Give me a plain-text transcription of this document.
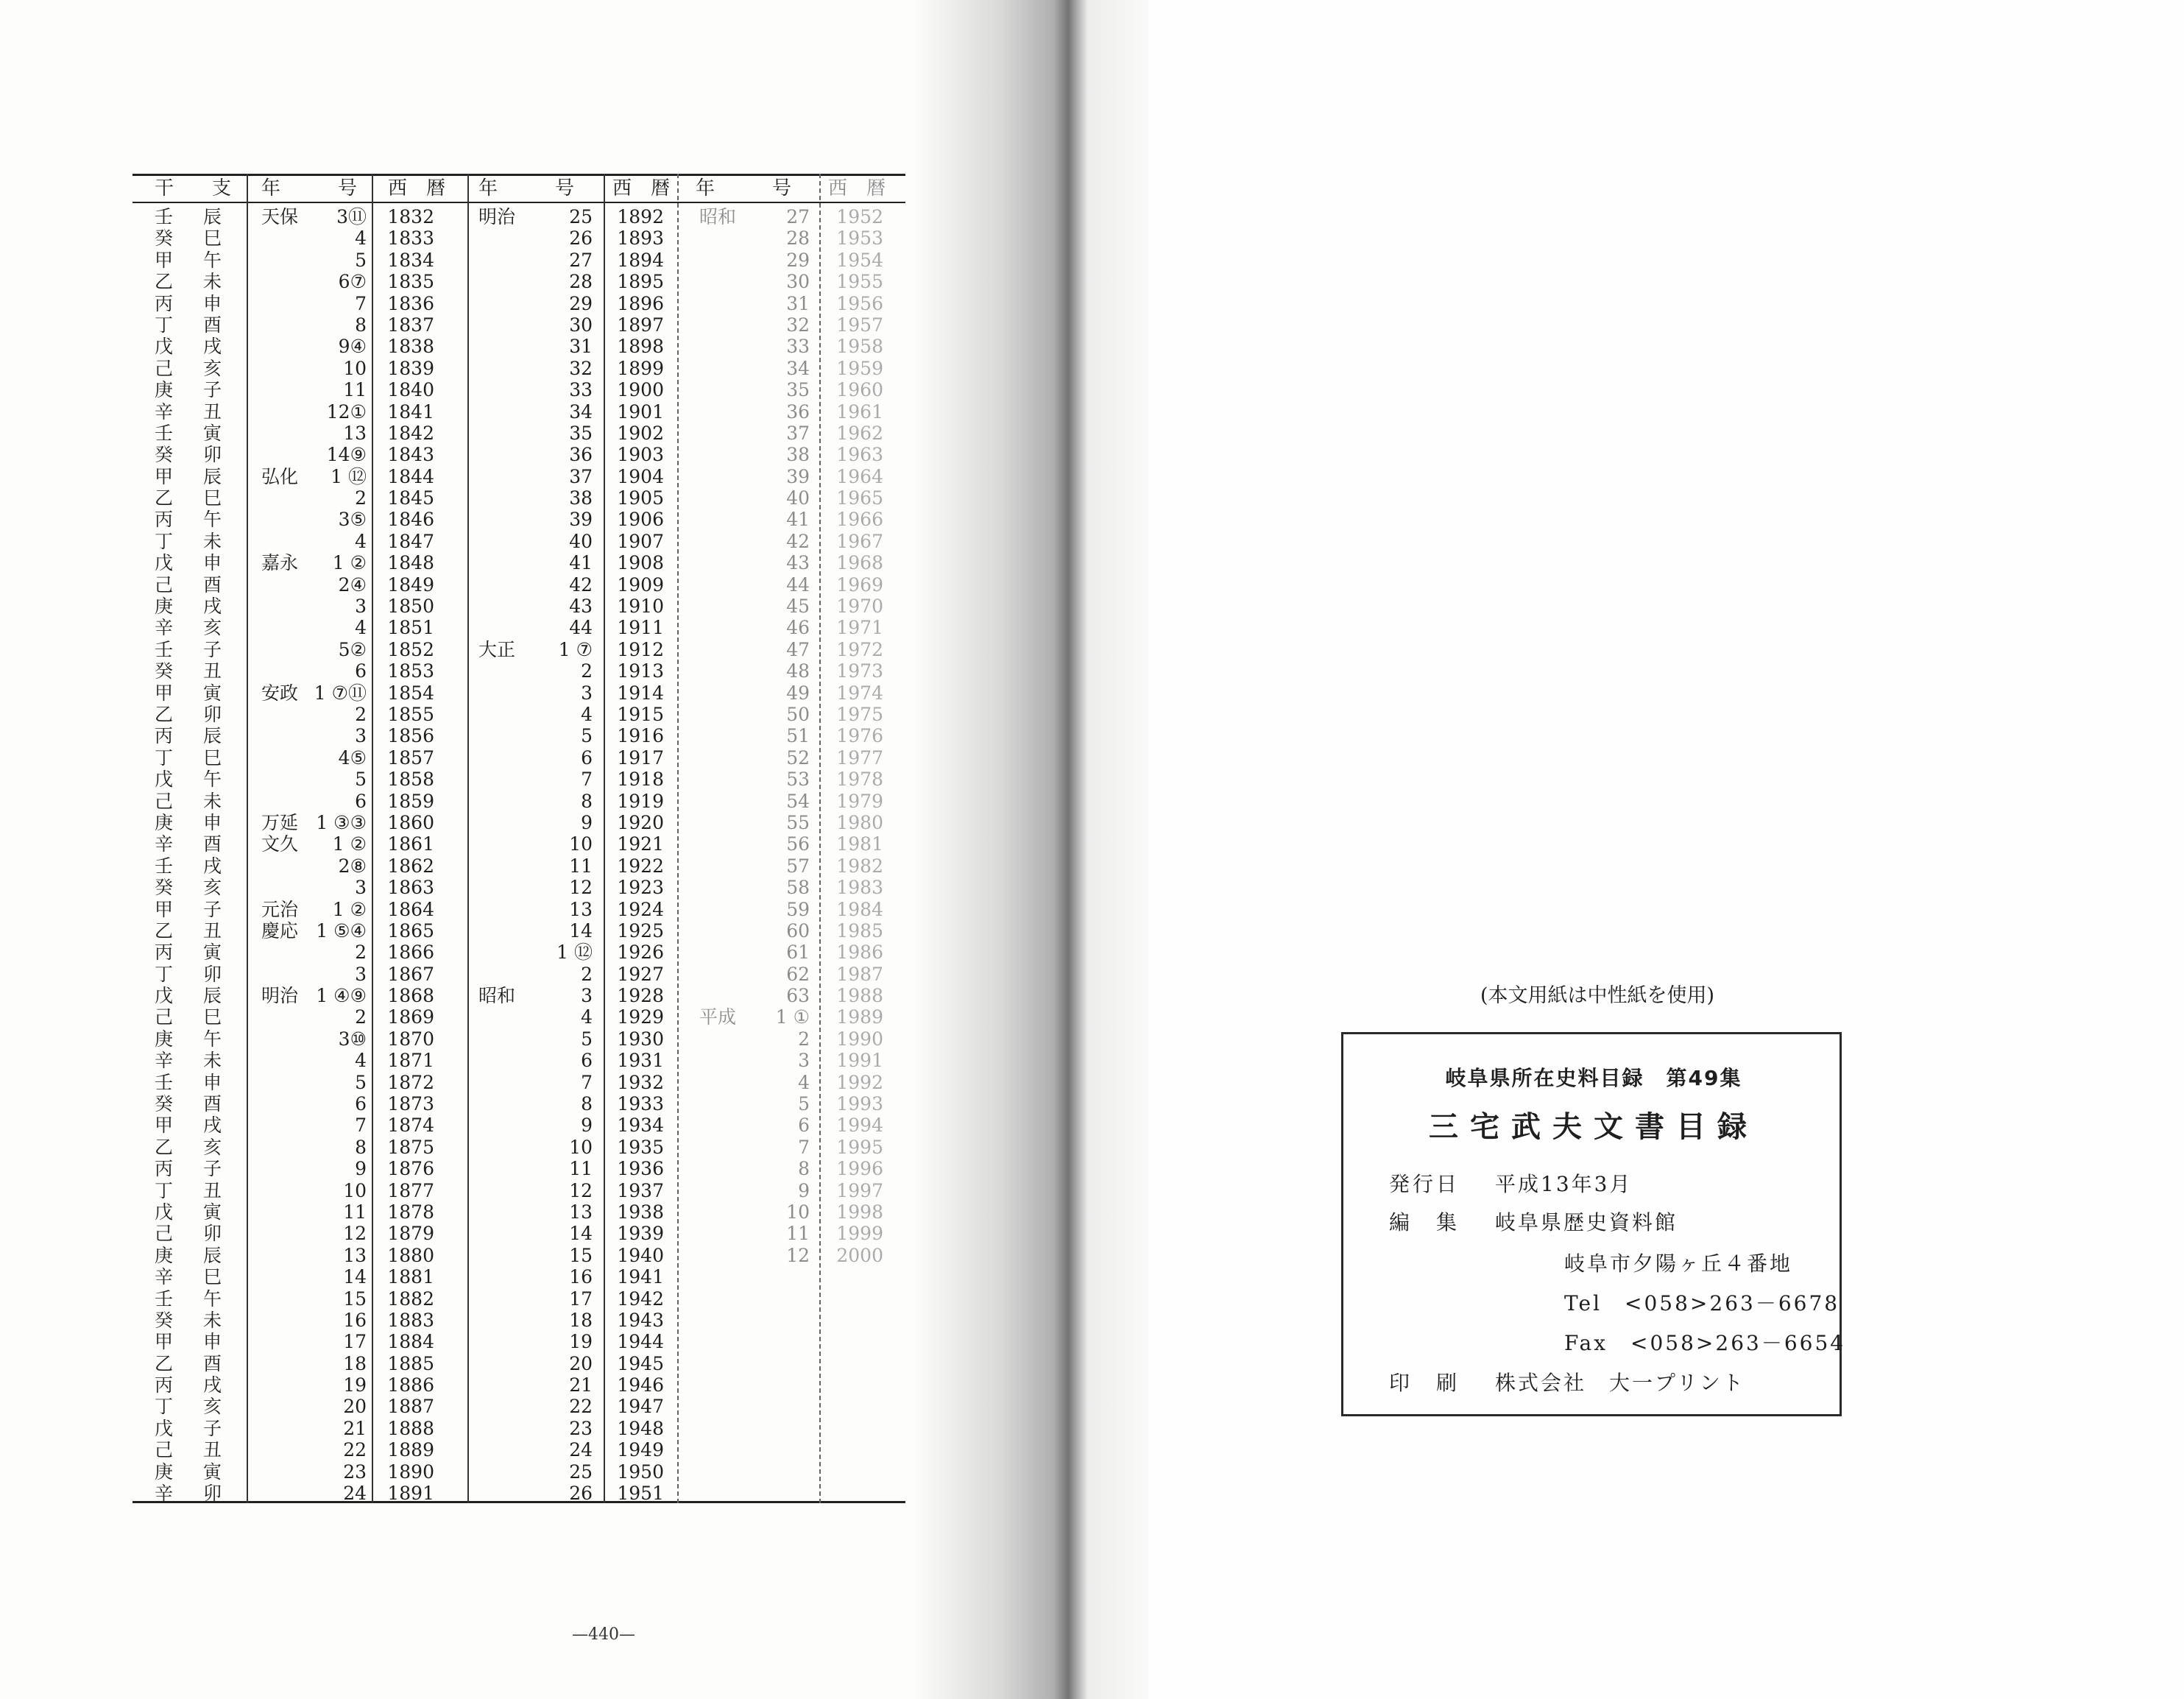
干　　支 年　　　号 西　暦 年　　　号 西　暦 年　　　号 西　暦
壬
癸
甲
乙
丙
丁
戊
己
庚
辛
壬
癸
甲
乙
丙
丁
戊
己
庚
辛
壬
癸
甲
乙
丙
丁
戊
己
庚
辛
壬
癸
甲
乙
丙
丁
戊
己
庚
辛
壬
癸
甲
乙
丙
丁
戊
己
庚
辛
壬
癸
甲
乙
丙
丁
戊
己
庚
辛
辰
巳
午
未
申
酉
戌
亥
子
丑
寅
卯
辰
巳
午
未
申
酉
戌
亥
子
丑
寅
卯
辰
巳
午
未
申
酉
戌
亥
子
丑
寅
卯
辰
巳
午
未
申
酉
戌
亥
子
丑
寅
卯
辰
巳
午
未
申
酉
戌
亥
子
丑
寅
卯
天保
弘化
嘉永
安政
万延
文久
元治
慶応
明治
3⑪
4
5
6⑦
7
8
9④
10
11
12①
13
14⑨
1 ⑫
2
3⑤
4
1 ②
2④
3
4
5②
6
1 ⑦⑪
2
3
4⑤
5
6
1 ③③
1 ②
2⑧
3
1 ②
1 ⑤④
2
3
1 ④⑨
2
3⑩
4
5
6
7
8
9
10
11
12
13
14
15
16
17
18
19
20
21
22
23
24
1832
1833
1834
1835
1836
1837
1838
1839
1840
1841
1842
1843
1844
1845
1846
1847
1848
1849
1850
1851
1852
1853
1854
1855
1856
1857
1858
1859
1860
1861
1862
1863
1864
1865
1866
1867
1868
1869
1870
1871
1872
1873
1874
1875
1876
1877
1878
1879
1880
1881
1882
1883
1884
1885
1886
1887
1888
1889
1890
1891
明治
大正
昭和
25
26
27
28
29
30
31
32
33
34
35
36
37
38
39
40
41
42
43
44
1 ⑦
2
3
4
5
6
7
8
9
10
11
12
13
14
1 ⑫
2
3
4
5
6
7
8
9
10
11
12
13
14
15
16
17
18
19
20
21
22
23
24
25
26
1892
1893
1894
1895
1896
1897
1898
1899
1900
1901
1902
1903
1904
1905
1906
1907
1908
1909
1910
1911
1912
1913
1914
1915
1916
1917
1918
1919
1920
1921
1922
1923
1924
1925
1926
1927
1928
1929
1930
1931
1932
1933
1934
1935
1936
1937
1938
1939
1940
1941
1942
1943
1944
1945
1946
1947
1948
1949
1950
1951
昭和
平成
27
28
29
30
31
32
33
34
35
36
37
38
39
40
41
42
43
44
45
46
47
48
49
50
51
52
53
54
55
56
57
58
59
60
61
62
63
1 ①
2
3
4
5
6
7
8
9
10
11
12
1952
1953
1954
1955
1956
1957
1958
1959
1960
1961
1962
1963
1964
1965
1966
1967
1968
1969
1970
1971
1972
1973
1974
1975
1976
1977
1978
1979
1980
1981
1982
1983
1984
1985
1986
1987
1988
1989
1990
1991
1992
1993
1994
1995
1996
1997
1998
1999
2000
—440—
(本文用紙は中性紙を使用)
岐阜県所在史料目録　第49集
三宅武夫文書目録
発行日 平成13年3月
編　集 岐阜県歴史資料館
岐阜市夕陽ヶ丘４番地
Tel　<058>263－6678
Fax　<058>263－6654
印　刷 株式会社　大一プリント
